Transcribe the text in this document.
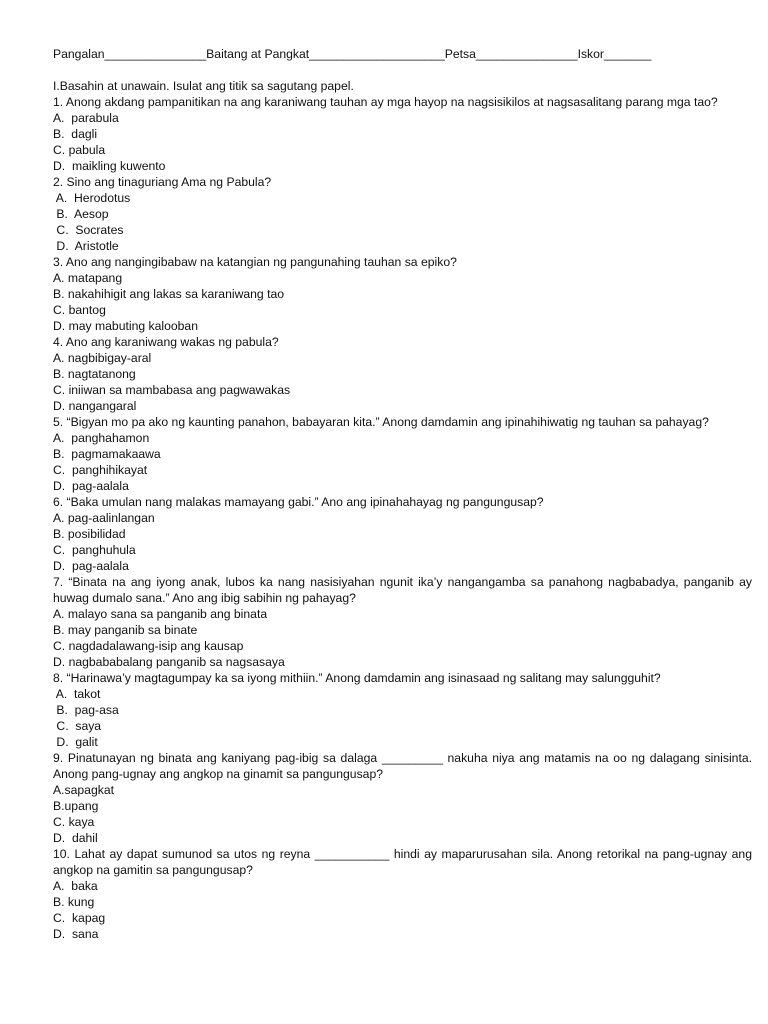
Pangalan_______________Baitang at Pangkat____________________Petsa_______________Iskor_______
I.Basahin at unawain. Isulat ang titik sa sagutang papel.
1. Anong akdang pampanitikan na ang karaniwang tauhan ay mga hayop na nagsisikilos at nagsasalitang parang mga tao?
A.  parabula
B.  dagli
C. pabula
D.  maikling kuwento
2. Sino ang tinaguriang Ama ng Pabula?
A.  Herodotus
B.  Aesop
C.  Socrates
D.  Aristotle
3. Ano ang nangingibabaw na katangian ng pangunahing tauhan sa epiko?
A. matapang
B. nakahihigit ang lakas sa karaniwang tao
C. bantog
D. may mabuting kalooban
4. Ano ang karaniwang wakas ng pabula?
A. nagbibigay-aral
B. nagtatanong
C. iniiwan sa mambabasa ang pagwawakas
D. nangangaral
5. “Bigyan mo pa ako ng kaunting panahon, babayaran kita.” Anong damdamin ang ipinahihiwatig ng tauhan sa pahayag?
A.  panghahamon
B.  pagmamakaawa
C.  panghihikayat
D.  pag-aalala
6. “Baka umulan nang malakas mamayang gabi.” Ano ang ipinahahayag ng pangungusap?
A. pag-aalinlangan
B. posibilidad
C.  panghuhula
D.  pag-aalala
7. “Binata na ang iyong anak, lubos ka nang nasisiyahan ngunit ika’y nangangamba sa panahong nagbabadya, panganib ay huwag dumalo sana.” Ano ang ibig sabihin ng pahayag?
A. malayo sana sa panganib ang binata
B. may panganib sa binate
C. nagdadalawang-isip ang kausap
D. nagbababalang panganib sa nagsasaya
8. “Harinawa’y magtagumpay ka sa iyong mithiin.” Anong damdamin ang isinasaad ng salitang may salungguhit?
A.  takot
B.  pag-asa
C.  saya
D.  galit
9. Pinatunayan ng binata ang kaniyang pag-ibig sa dalaga _________ nakuha niya ang matamis na oo ng dalagang sinisinta. Anong pang-ugnay ang angkop na ginamit sa pangungusap?
A.sapagkat
B.upang
C. kaya
D.  dahil
10. Lahat ay dapat sumunod sa utos ng reyna ___________ hindi ay maparurusahan sila. Anong retorikal na pang-ugnay ang angkop na gamitin sa pangungusap?
A.  baka
B. kung
C.  kapag
D.  sana
